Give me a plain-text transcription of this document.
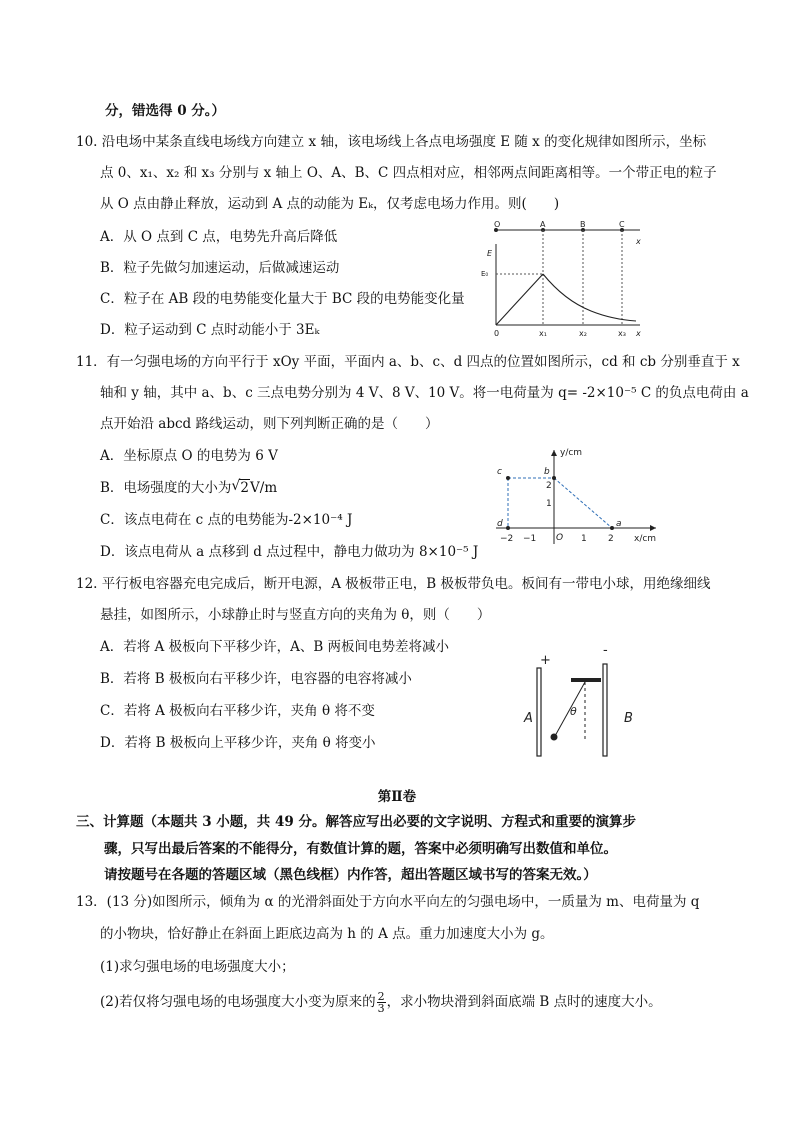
分，错选得 0 分。）
10. 沿电场中某条直线电场线方向建立 x 轴，该电场线上各点电场强度 E 随 x 的变化规律如图所示，坐标
点 0、x₁、x₂ 和 x₃ 分别与 x 轴上 O、A、B、C 四点相对应，相邻两点间距离相等。一个带正电的粒子
从 O 点由静止释放，运动到 A 点的动能为 Eₖ，仅考虑电场力作用。则(　　)
A．从 O 点到 C 点，电势先升高后降低
B．粒子先做匀加速运动，后做减速运动
C．粒子在 AB 段的电势能变化量大于 BC 段的电势能变化量
D．粒子运动到 C 点时动能小于 3Eₖ
O	A	B	C
x
E
E₀
0	x₁	x₂	x₃ x
11．有一匀强电场的方向平行于 xOy 平面，平面内 a、b、c、d 四点的位置如图所示，cd 和 cb 分别垂直于 x
轴和 y 轴，其中 a、b、c 三点电势分别为 4 V、8 V、10 V。将一电荷量为 q= -2×10⁻⁵ C 的负点电荷由 a
点开始沿 abcd 路线运动，则下列判断正确的是（　　）
A．坐标原点 O 的电势为 6 V
B．电场强度的大小为 √ 2V/m
C．该点电荷在 c 点的电势能为-2×10⁻⁴ J
D．该点电荷从 a 点移到 d 点过程中，静电力做功为 8×10⁻⁵ J
y/cm
x/cm
c	b
d
O
a
−2 −1	1 2
2
1
12. 平行板电容器充电完成后，断开电源，A 极板带正电，B 极板带负电。板间有一带电小球，用绝缘细线
悬挂，如图所示，小球静止时与竖直方向的夹角为 θ，则（　　）
A．若将 A 极板向下平移少许，A、B 两板间电势差将减小
B．若将 B 极板向右平移少许，电容器的电容将减小
C．若将 A 极板向右平移少许，夹角 θ 将不变
D．若将 B 极板向上平移少许，夹角 θ 将变小
+
-
A	B
θ
第Ⅱ卷
三、计算题（本题共 3 小题，共 49 分。解答应写出必要的文字说明、方程式和重要的演算步
骤，只写出最后答案的不能得分，有数值计算的题，答案中必须明确写出数值和单位。
请按题号在各题的答题区域（黑色线框）内作答，超出答题区域书写的答案无效。）
13．(13 分)如图所示，倾角为 α 的光滑斜面处于方向水平向左的匀强电场中，一质量为 m、电荷量为 q
的小物块，恰好静止在斜面上距底边高为 h 的 A 点。重力加速度大小为 g。
(1)求匀强电场的电场强度大小；
(2)若仅将匀强电场的电场强度大小变为原来的 $\frac{2}{3}$ ，求小物块滑到斜面底端 B 点时的速度大小。
